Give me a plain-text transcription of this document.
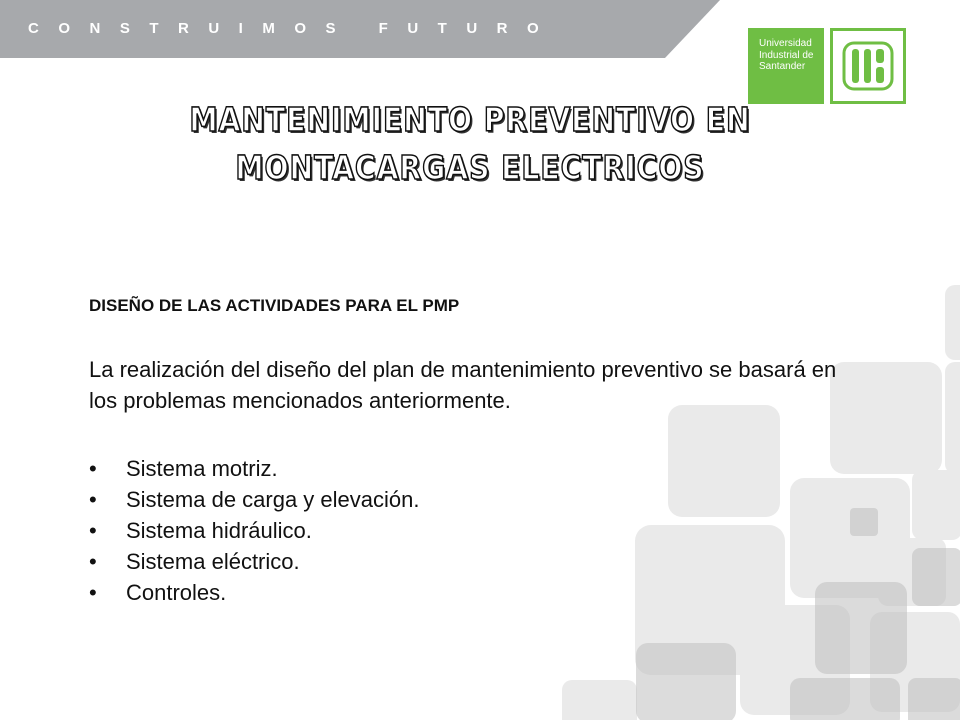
CONSTRUIMOS FUTURO

Universidad
Industrial de
Santander
MANTENIMIENTO PREVENTIVO EN
MONTACARGAS ELECTRICOS

DISEÑO DE LAS ACTIVIDADES PARA EL PMP

La realización del diseño del plan de mantenimiento preventivo se basará en los problemas mencionados anteriormente.

• Sistema motriz.
• Sistema de carga y elevación.
• Sistema hidráulico.
• Sistema eléctrico.
• Controles.
